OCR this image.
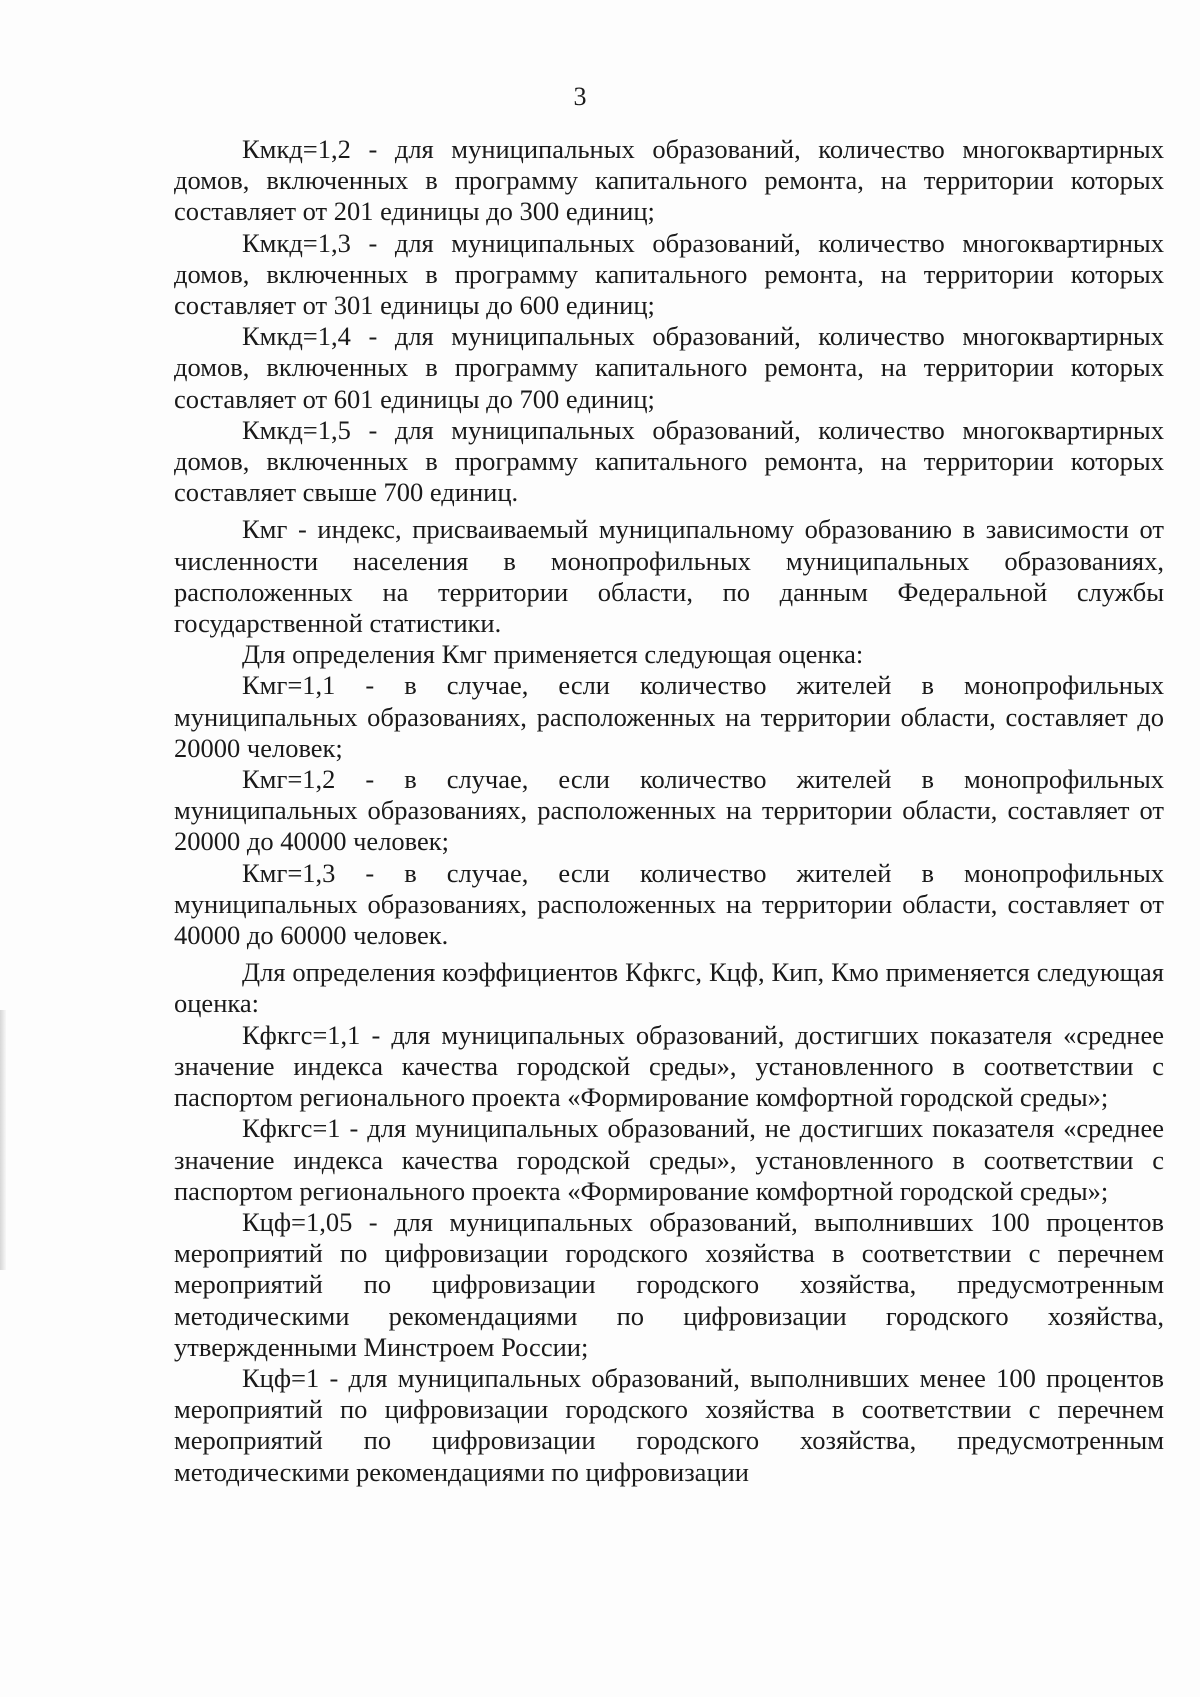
3

Кмкд=1,2 - для муниципальных образований, количество многоквартирных домов, включенных в программу капитального ремонта, на территории которых составляет от 201 единицы до 300 единиц;

Кмкд=1,3 - для муниципальных образований, количество многоквартирных домов, включенных в программу капитального ремонта, на территории которых составляет от 301 единицы до 600 единиц;

Кмкд=1,4 - для муниципальных образований, количество многоквартирных домов, включенных в программу капитального ремонта, на территории которых составляет от 601 единицы до 700 единиц;

Кмкд=1,5 - для муниципальных образований, количество многоквартирных домов, включенных в программу капитального ремонта, на территории которых составляет свыше 700 единиц.

Кмг - индекс, присваиваемый муниципальному образованию в зависимости от численности населения в монопрофильных муниципальных образованиях, расположенных на территории области, по данным Федеральной службы государственной статистики.

Для определения Кмг применяется следующая оценка:

Кмг=1,1 - в случае, если количество жителей в монопрофильных муниципальных образованиях, расположенных на территории области, составляет до 20000 человек;

Кмг=1,2 - в случае, если количество жителей в монопрофильных муниципальных образованиях, расположенных на территории области, составляет от 20000 до 40000 человек;

Кмг=1,3 - в случае, если количество жителей в монопрофильных муниципальных образованиях, расположенных на территории области, составляет от 40000 до 60000 человек.

Для определения коэффициентов Кфкгс, Кцф, Кип, Кмо применяется следующая оценка:

Кфкгс=1,1 - для муниципальных образований, достигших показателя «среднее значение индекса качества городской среды», установленного в соответствии с паспортом регионального проекта «Формирование комфортной городской среды»;

Кфкгс=1 - для муниципальных образований, не достигших показателя «среднее значение индекса качества городской среды», установленного в соответствии с паспортом регионального проекта «Формирование комфортной городской среды»;

Кцф=1,05 - для муниципальных образований, выполнивших 100 процентов мероприятий по цифровизации городского хозяйства в соответствии с перечнем мероприятий по цифровизации городского хозяйства, предусмотренным методическими рекомендациями по цифровизации городского хозяйства, утвержденными Минстроем России;

Кцф=1 - для муниципальных образований, выполнивших менее 100 процентов мероприятий по цифровизации городского хозяйства в соответствии с перечнем мероприятий по цифровизации городского хозяйства, предусмотренным методическими рекомендациями по цифровизации
